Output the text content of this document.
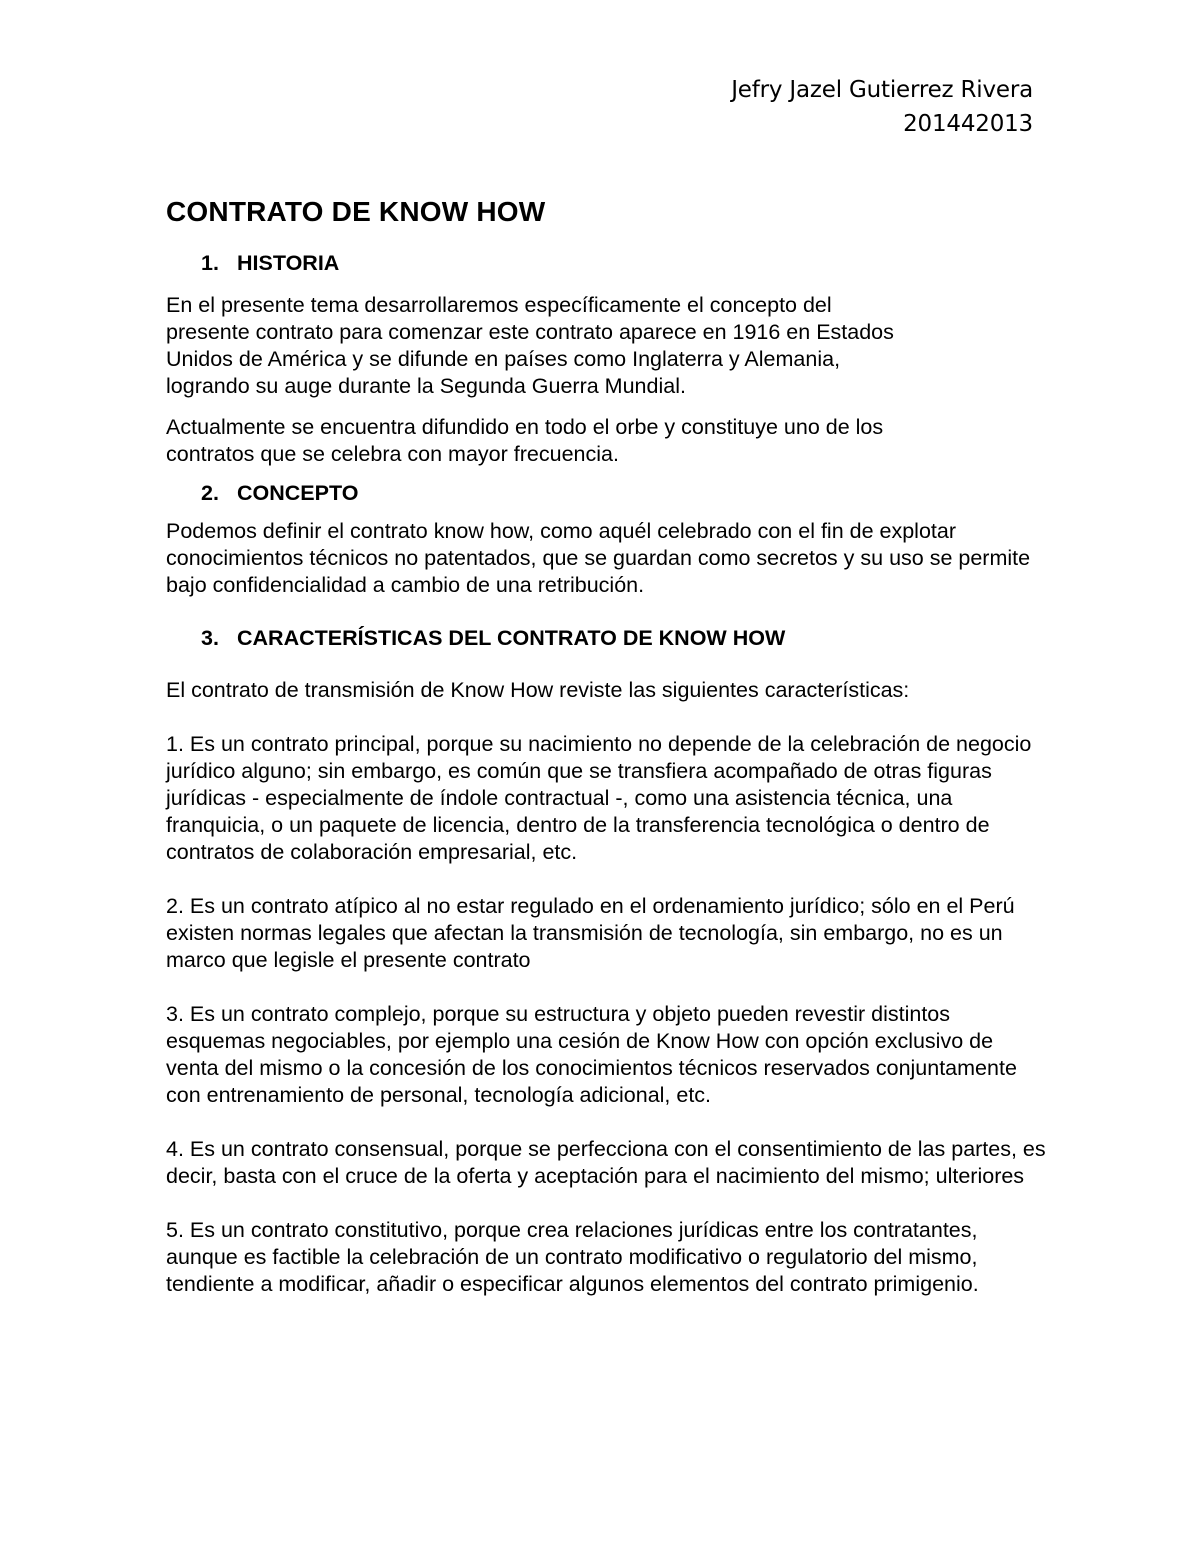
Jefry Jazel Gutierrez Rivera
201442013
CONTRATO DE KNOW HOW
1. HISTORIA

En el presente tema desarrollaremos específicamente el concepto del presente contrato para comenzar este contrato aparece en 1916 en Estados Unidos de América y se difunde en países como Inglaterra y Alemania, logrando su auge durante la Segunda Guerra Mundial.

Actualmente se encuentra difundido en todo el orbe y constituye uno de los contratos que se celebra con mayor frecuencia.

2. CONCEPTO

Podemos definir el contrato know how, como aquél celebrado con el fin de explotar conocimientos técnicos no patentados, que se guardan como secretos y su uso se permite bajo confidencialidad a cambio de una retribución.

3. CARACTERÍSTICAS DEL CONTRATO DE KNOW HOW

El contrato de transmisión de Know How reviste las siguientes características:

1. Es un contrato principal, porque su nacimiento no depende de la celebración de negocio jurídico alguno; sin embargo, es común que se transfiera acompañado de otras figuras jurídicas - especialmente de índole contractual -, como una asistencia técnica, una franquicia, o un paquete de licencia, dentro de la transferencia tecnológica o dentro de contratos de colaboración empresarial, etc.

2. Es un contrato atípico al no estar regulado en el ordenamiento jurídico; sólo en el Perú existen normas legales que afectan la transmisión de tecnología, sin embargo, no es un marco que legisle el presente contrato

3. Es un contrato complejo, porque su estructura y objeto pueden revestir distintos esquemas negociables, por ejemplo una cesión de Know How con opción exclusivo de venta del mismo o la concesión de los conocimientos técnicos reservados conjuntamente con entrenamiento de personal, tecnología adicional, etc.

4. Es un contrato consensual, porque se perfecciona con el consentimiento de las partes, es decir, basta con el cruce de la oferta y aceptación para el nacimiento del mismo; ulteriores

5. Es un contrato constitutivo, porque crea relaciones jurídicas entre los contratantes, aunque es factible la celebración de un contrato modificativo o regulatorio del mismo, tendiente a modificar, añadir o especificar algunos elementos del contrato primigenio.
